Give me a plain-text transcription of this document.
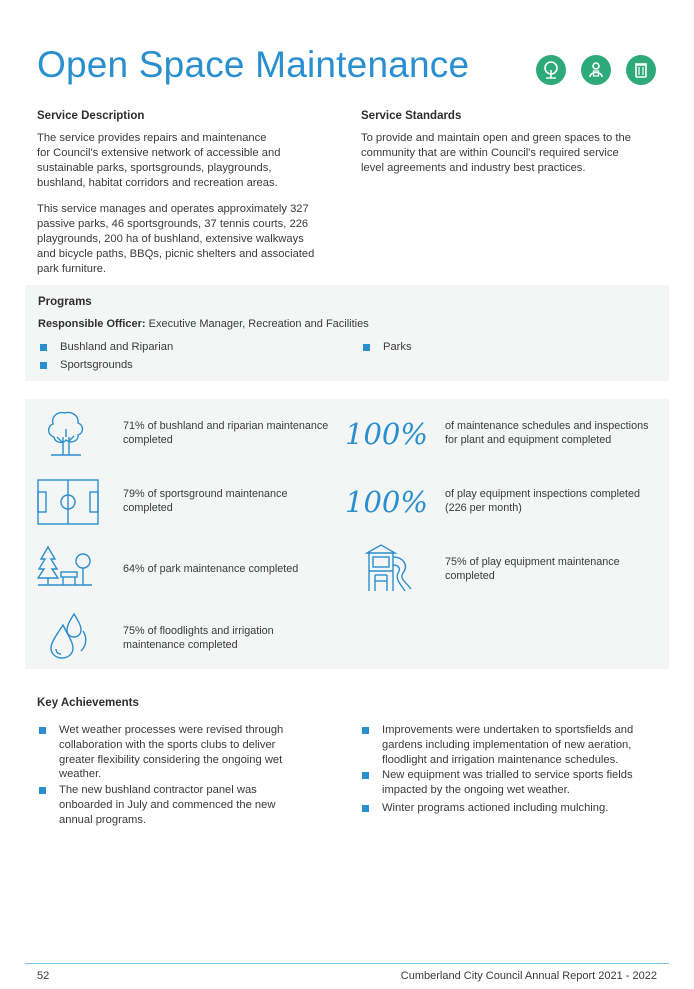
Open Space Maintenance
Service Description
The service provides repairs and maintenance
for Council's extensive network of accessible and
sustainable parks, sportsgrounds, playgrounds,
bushland, habitat corridors and recreation areas.
This service manages and operates approximately 327
passive parks, 46 sportsgrounds, 37 tennis courts, 226
playgrounds, 200 ha of bushland, extensive walkways
and bicycle paths, BBQs, picnic shelters and associated
park furniture.
Service Standards
To provide and maintain open and green spaces to the
community that are within Council's required service
level agreements and industry best practices.
Programs
Responsible Officer: Executive Manager, Recreation and Facilities
Bushland and Riparian
Sportsgrounds
Parks
71% of bushland and riparian maintenance
completed
79% of sportsground maintenance
completed
64% of park maintenance completed
75% of floodlights and irrigation
maintenance completed
100% of maintenance schedules and inspections
for plant and equipment completed
100% of play equipment inspections completed
(226 per month)
75% of play equipment maintenance
completed
Key Achievements
Wet weather processes were revised through
collaboration with the sports clubs to deliver
greater flexibility considering the ongoing wet
weather.
The new bushland contractor panel was
onboarded in July and commenced the new
annual programs.
Improvements were undertaken to sportsfields and
gardens including implementation of new aeration,
floodlight and irrigation maintenance schedules.
New equipment was trialled to service sports fields
impacted by the ongoing wet weather.
Winter programs actioned including mulching.
52	Cumberland City Council Annual Report 2021 - 2022
